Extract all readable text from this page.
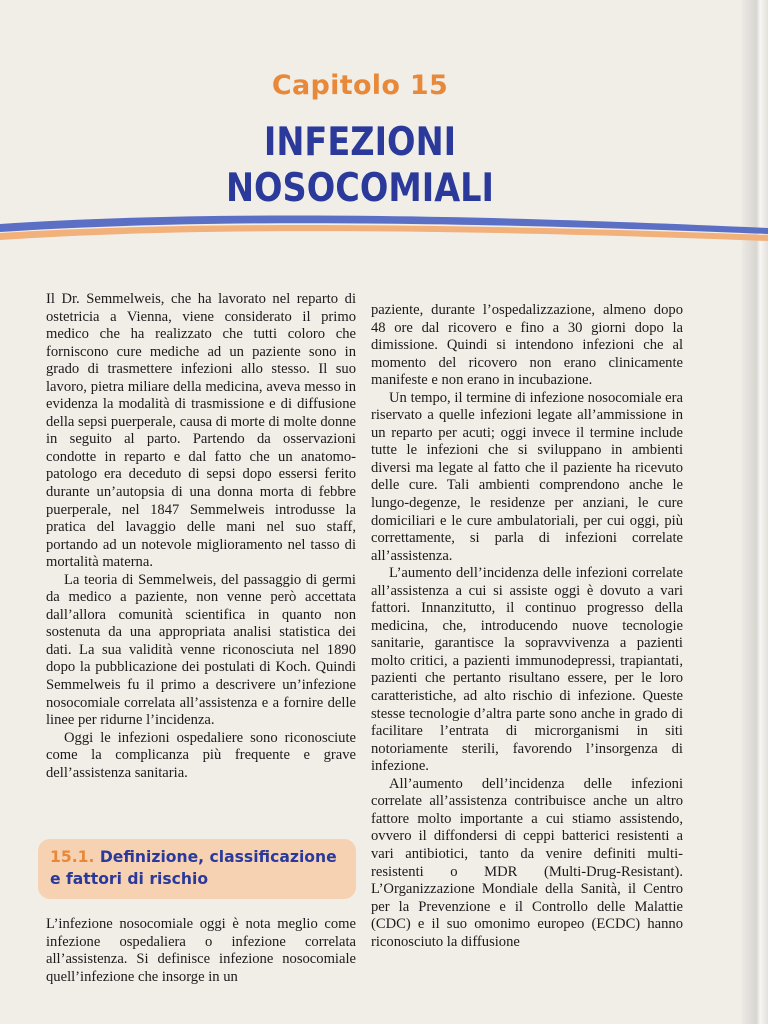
Capitolo 15
INFEZIONI
NOSOCOMIALI

Il Dr. Semmelweis, che ha lavorato nel reparto di ostetricia a Vienna, viene considerato il primo medico che ha realizzato che tutti coloro che forniscono cure mediche ad un paziente sono in grado di trasmettere infezioni allo stesso. Il suo lavoro, pietra miliare della medicina, aveva messo in evidenza la modalità di trasmissione e di diffusione della sepsi puerperale, causa di morte di molte donne in seguito al parto. Partendo da osservazioni condotte in reparto e dal fatto che un anatomo-patologo era deceduto di sepsi dopo essersi ferito durante un’autopsia di una donna morta di febbre puerperale, nel 1847 Semmelweis introdusse la pratica del lavaggio delle mani nel suo staff, portando ad un notevole miglioramento nel tasso di mortalità materna.

La teoria di Semmelweis, del passaggio di germi da medico a paziente, non venne però accettata dall’allora comunità scientifica in quanto non sostenuta da una appropriata analisi statistica dei dati. La sua validità venne riconosciuta nel 1890 dopo la pubblicazione dei postulati di Koch. Quindi Semmelweis fu il primo a descrivere un’infezione nosocomiale correlata all’assistenza e a fornire delle linee per ridurne l’incidenza.

Oggi le infezioni ospedaliere sono riconosciute come la complicanza più frequente e grave dell’assistenza sanitaria.

15.1. Definizione, classificazione e fattori di rischio

L’infezione nosocomiale oggi è nota meglio come infezione ospedaliera o infezione correlata all’assistenza. Si definisce infezione nosocomiale quell’infezione che insorge in un

paziente, durante l’ospedalizzazione, almeno dopo 48 ore dal ricovero e fino a 30 giorni dopo la dimissione. Quindi si intendono infezioni che al momento del ricovero non erano clinicamente manifeste e non erano in incubazione.

Un tempo, il termine di infezione nosocomiale era riservato a quelle infezioni legate all’ammissione in un reparto per acuti; oggi invece il termine include tutte le infezioni che si sviluppano in ambienti diversi ma legate al fatto che il paziente ha ricevuto delle cure. Tali ambienti comprendono anche le lungo-degenze, le residenze per anziani, le cure domiciliari e le cure ambulatoriali, per cui oggi, più correttamente, si parla di infezioni correlate all’assistenza.

L’aumento dell’incidenza delle infezioni correlate all’assistenza a cui si assiste oggi è dovuto a vari fattori. Innanzitutto, il continuo progresso della medicina, che, introducendo nuove tecnologie sanitarie, garantisce la sopravvivenza a pazienti molto critici, a pazienti immunodepressi, trapiantati, pazienti che pertanto risultano essere, per le loro caratteristiche, ad alto rischio di infezione. Queste stesse tecnologie d’altra parte sono anche in grado di facilitare l’entrata di microrganismi in siti notoriamente sterili, favorendo l’insorgenza di infezione.

All’aumento dell’incidenza delle infezioni correlate all’assistenza contribuisce anche un altro fattore molto importante a cui stiamo assistendo, ovvero il diffondersi di ceppi batterici resistenti a vari antibiotici, tanto da venire definiti multi-resistenti o MDR (Multi-Drug-Resistant). L’Organizzazione Mondiale della Sanità, il Centro per la Prevenzione e il Controllo delle Malattie (CDC) e il suo omonimo europeo (ECDC) hanno riconosciuto la diffusione
